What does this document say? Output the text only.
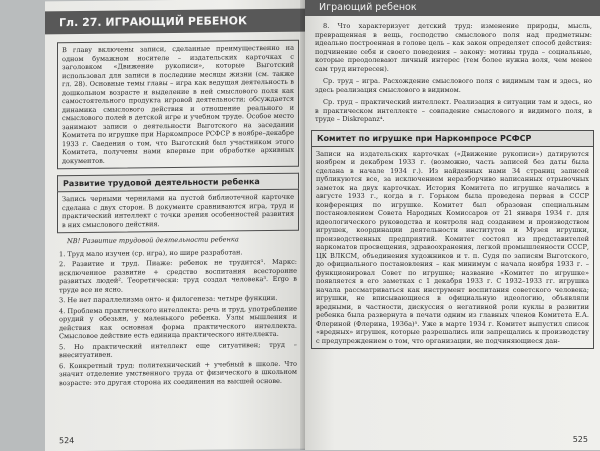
Гл. 27. ИГРАЮЩИЙ РЕБЕНОК
В главу включены записи, сделанные преимущественно на одном бумажном носителе – издательских карточках с заголовком «Движение рукописи», которые Выготский использовал для записи в последние месяцы жизни (см. также гл. 28). Основные темы главы – игра как ведущая деятельность в дошкольном возрасте и выделение в ней смыслового поля как самостоятельного продукта игровой деятельности; обсуждается динамика смыслового действия и отношение реального и смыслового полей в детской игре и учебном труде. Особое место занимают записи о деятельности Выготского на заседании Комитета по игрушке при Наркомпросе РСФСР в ноябре–декабре 1933 г. Сведения о том, что Выготский был участником этого Комитета, получены нами впервые при обработке архивных документов.
Развитие трудовой деятельности ребенка
Запись черными чернилами на пустой библиотечной карточке сделана с двух сторон. В документе сравниваются игра, труд и практический интеллект с точки зрения особенностей развития в них смыслового действия.
NB! Развитие трудовой деятельности ребенка
1. Труд мало изучен (ср. игра), но шире разработан.
2. Развитие и труд. Пиаже: ребенок не трудится¹. Маркс: исключенное развитие + средство воспитания всесторонне развитых людей². Теоретически: труд создал человека³. Ergo в труде все не ясно.
3. Не нет параллелизма онто- и филогенеза: четыре функции.
4. Проблема практического интеллекта: речь и труд, употребление орудий у обезьян, у маленького ребенка. Узлы мышления и действия как основная форма практического интеллекта. Смысловое действие есть единица практического интеллекта.
5. Но практический интеллект еще ситуативен; труд – внеситуативен.
6. Конкретный труд: политехнический + учебный в школе. Что значит отделение умственного труда от физического в школьном возрасте: это другая сторона их соединения на высшей основе.
524
Играющий ребенок
8. Что характеризует детский труд: изменение природы, мысль, превращенная в вещь, господство смыслового поля над предметным: идеально построенная в голове цель – как закон определяет способ действия: подчинение себя и своего поведения – закону: мотивы труда – социальные, которые преодолевают личный интерес (тем более нужна воля, чем менее сам труд интересен).
Ср. труд – игра. Расхождение смыслового поля с видимым там и здесь, но здесь реализация смыслового в видимом.
Ср. труд – практический интеллект. Реализация в ситуации там и здесь, но в практическом интеллекте – совпадение смыслового и видимого поля, в труде – Diskrepanz⁴.
Комитет по игрушке при Наркомпросе РСФСР
Записи на издательских карточках («Движение рукописи») датируются ноябрем и декабрем 1933 г. (возможно, часть записей без даты была сделана в начале 1934 г.). Из найденных нами 34 страниц записей публикуются все, за исключением неразборчиво написанных отрывочных заметок на двух карточках. История Комитета по игрушке начались в августе 1933 г., когда в г. Горьком была проведена первая в СССР конференция по игрушке. Комитет был образован специальным постановлением Совета Народных Комиссаров от 21 января 1934 г. для идеологического руководства и контроля над созданием и производством игрушек, координации деятельности институтов и Музея игрушки, производственных предприятий. Комитет состоял из представителей наркоматов просвещения, здравоохранения, легкой промышленности СССР, ЦК ВЛКСМ, объединения художников и т. п. Судя по записям Выготского, до официального постановления – как минимум с начала ноября 1933 г. – функционировал Совет по игрушке; название «Комитет по игрушке» появляется в его заметках с 1 декабря 1933 г. С 1932–1933 гг. игрушка начала рассматриваться как инструмент воспитания советского человека; игрушки, не вписывающиеся в официальную идеологию, объявляли вредными, в частности, дискуссия о негативной роли куклы в развитии ребенка была развернута в печати одним из главных членов Комитета Е.А. Флериной (Флерина, 1936а)⁵. Уже в марте 1934 г. Комитет выпустил список «вредных» игрушек, которые разрешались или запрещались к производству с предупреждением о том, что организации, не подчиняющиеся дан-
525
